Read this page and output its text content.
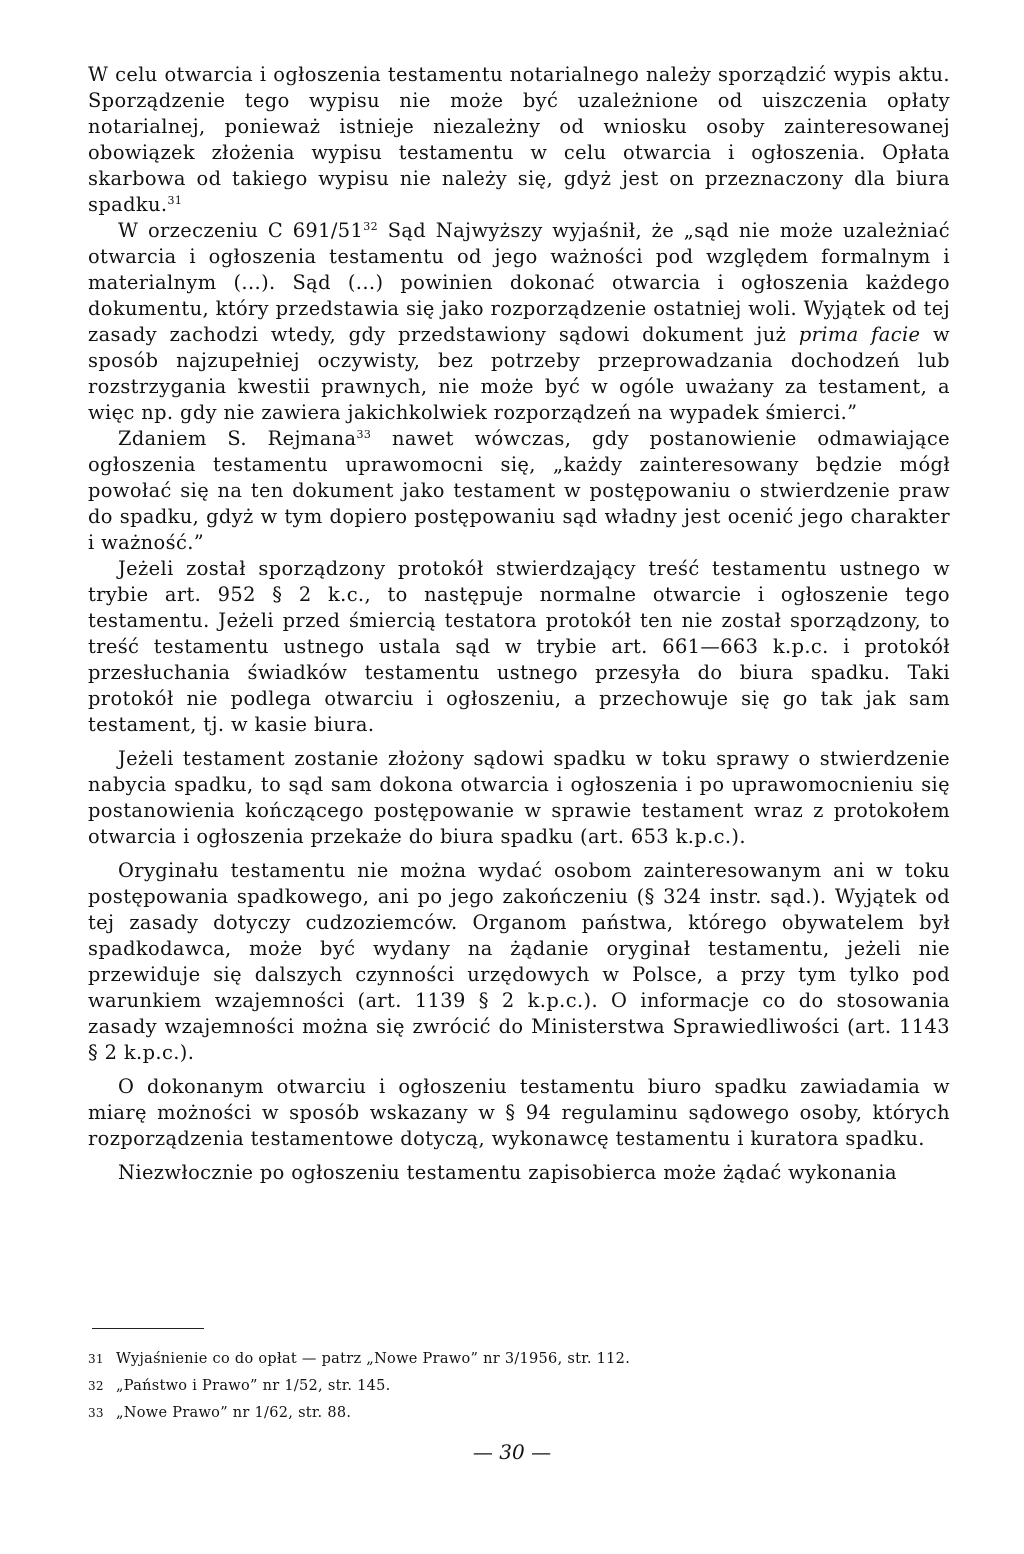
W celu otwarcia i ogłoszenia testamentu notarialnego należy sporządzić wypis aktu. Sporządzenie tego wypisu nie może być uzależnione od uiszczenia opłaty notarialnej, ponieważ istnieje niezależny od wniosku osoby zainteresowanej obowiązek złożenia wypisu testamentu w celu otwarcia i ogłoszenia. Opłata skarbowa od takiego wypisu nie należy się, gdyż jest on przeznaczony dla biura spadku.$^{31}$

W orzeczeniu C $691/51^{32}$ Sąd Najwyższy wyjaśnił, że „sąd nie może uzależniać otwarcia i ogłoszenia testamentu od jego ważności pod względem formalnym i materialnym (...). Sąd (...) powinien dokonać otwarcia i ogłoszenia każdego dokumentu, który przedstawia się jako rozporządzenie ostatniej woli. Wyjątek od tej zasady zachodzi wtedy, gdy przedstawiony sądowi dokument już prima facie w sposób najzupełniej oczywisty, bez potrzeby przeprowadzania dochodzeń lub rozstrzygania kwestii prawnych, nie może być w ogóle uważany za testament, a więc np. gdy nie zawiera jakichkolwiek rozporządzeń na wypadek śmierci.”

Zdaniem S. Rejmana$^{33}$ nawet wówczas, gdy postanowienie odmawiające ogłoszenia testamentu uprawomocni się, „każdy zainteresowany będzie mógł powołać się na ten dokument jako testament w postępowaniu o stwierdzenie praw do spadku, gdyż w tym dopiero postępowaniu sąd władny jest ocenić jego charakter i ważność.”

Jeżeli został sporządzony protokół stwierdzający treść testamentu ustnego w trybie art. 952 § 2 k.c., to następuje normalne otwarcie i ogłoszenie tego testamentu. Jeżeli przed śmiercią testatora protokół ten nie został sporządzony, to treść testamentu ustnego ustala sąd w trybie art. 661—663 k.p.c. i protokół przesłuchania świadków testamentu ustnego przesyła do biura spadku. Taki protokół nie podlega otwarciu i ogłoszeniu, a przechowuje się go tak jak sam testament, tj. w kasie biura.

Jeżeli testament zostanie złożony sądowi spadku w toku sprawy o stwierdzenie nabycia spadku, to sąd sam dokona otwarcia i ogłoszenia i po uprawomocnieniu się postanowienia kończącego postępowanie w sprawie testament wraz z protokołem otwarcia i ogłoszenia przekaże do biura spadku (art. 653 k.p.c.).

Oryginału testamentu nie można wydać osobom zainteresowanym ani w toku postępowania spadkowego, ani po jego zakończeniu (§ 324 instr. sąd.). Wyjątek od tej zasady dotyczy cudzoziemców. Organom państwa, którego obywatelem był spadkodawca, może być wydany na żądanie oryginał testamentu, jeżeli nie przewiduje się dalszych czynności urzędowych w Polsce, a przy tym tylko pod warunkiem wzajemności (art. 1139 § 2 k.p.c.). O informacje co do stosowania zasady wzajemności można się zwrócić do Ministerstwa Sprawiedliwości (art. 1143 § 2 k.p.c.).

O dokonanym otwarciu i ogłoszeniu testamentu biuro spadku zawiadamia w miarę możności w sposób wskazany w § 94 regulaminu sądowego osoby, których rozporządzenia testamentowe dotyczą, wykonawcę testamentu i kuratora spadku.

Niezwłocznie po ogłoszeniu testamentu zapisobierca może żądać wykonania

31 Wyjaśnienie co do opłat — patrz „Nowe Prawo” nr 3/1956, str. 112.
32 „Państwo i Prawo” nr 1/52, str. 145.
33 „Nowe Prawo” nr 1/62, str. 88.
— 30 —
